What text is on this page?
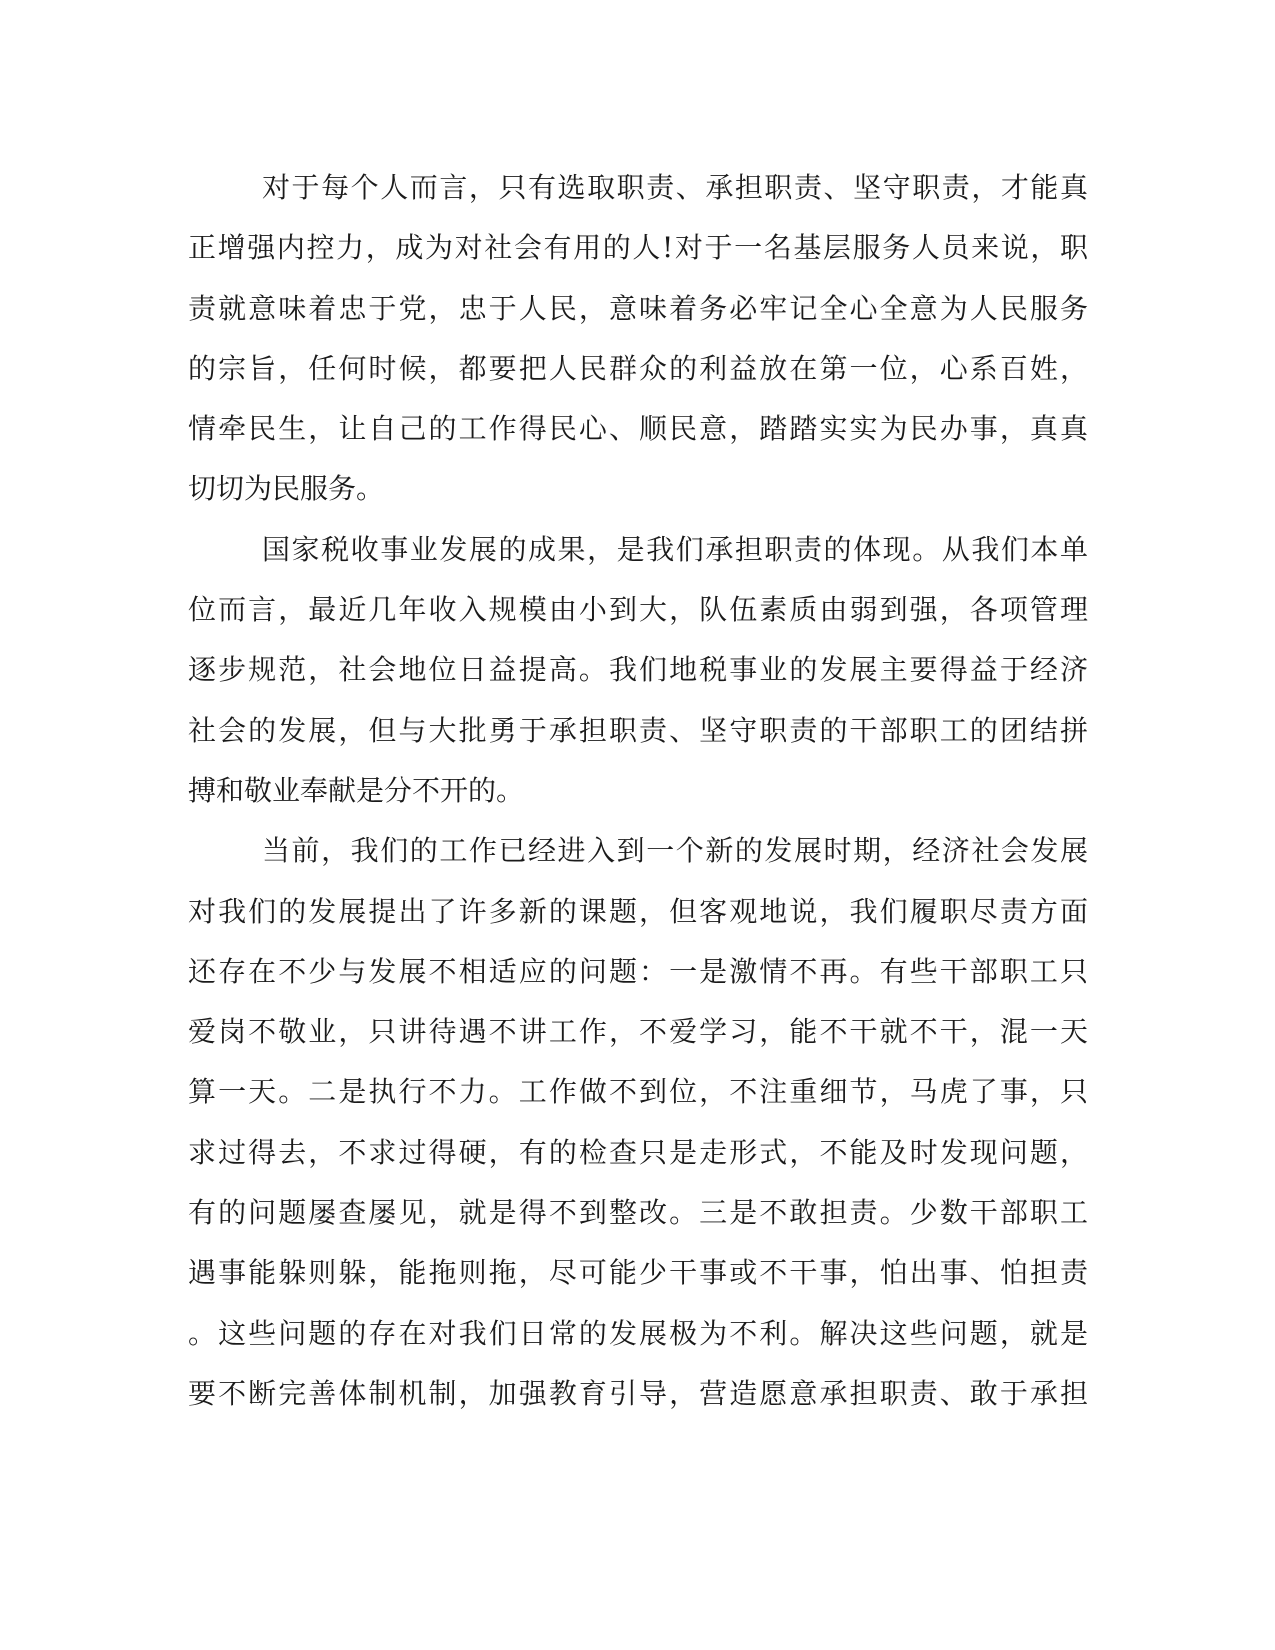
对于每个人而言，只有选取职责、承担职责、坚守职责，才能真
正增强内控力，成为对社会有用的人!对于一名基层服务人员来说，职
责就意味着忠于党，忠于人民，意味着务必牢记全心全意为人民服务
的宗旨，任何时候，都要把人民群众的利益放在第一位，心系百姓，
情牵民生，让自己的工作得民心、顺民意，踏踏实实为民办事，真真
切切为民服务。
国家税收事业发展的成果，是我们承担职责的体现。从我们本单
位而言，最近几年收入规模由小到大，队伍素质由弱到强，各项管理
逐步规范，社会地位日益提高。我们地税事业的发展主要得益于经济
社会的发展，但与大批勇于承担职责、坚守职责的干部职工的团结拼
搏和敬业奉献是分不开的。
当前，我们的工作已经进入到一个新的发展时期，经济社会发展
对我们的发展提出了许多新的课题，但客观地说，我们履职尽责方面
还存在不少与发展不相适应的问题：一是激情不再。有些干部职工只
爱岗不敬业，只讲待遇不讲工作，不爱学习，能不干就不干，混一天
算一天。二是执行不力。工作做不到位，不注重细节，马虎了事，只
求过得去，不求过得硬，有的检查只是走形式，不能及时发现问题，
有的问题屡查屡见，就是得不到整改。三是不敢担责。少数干部职工
遇事能躲则躲，能拖则拖，尽可能少干事或不干事，怕出事、怕担责
。这些问题的存在对我们日常的发展极为不利。解决这些问题，就是
要不断完善体制机制，加强教育引导，营造愿意承担职责、敢于承担
